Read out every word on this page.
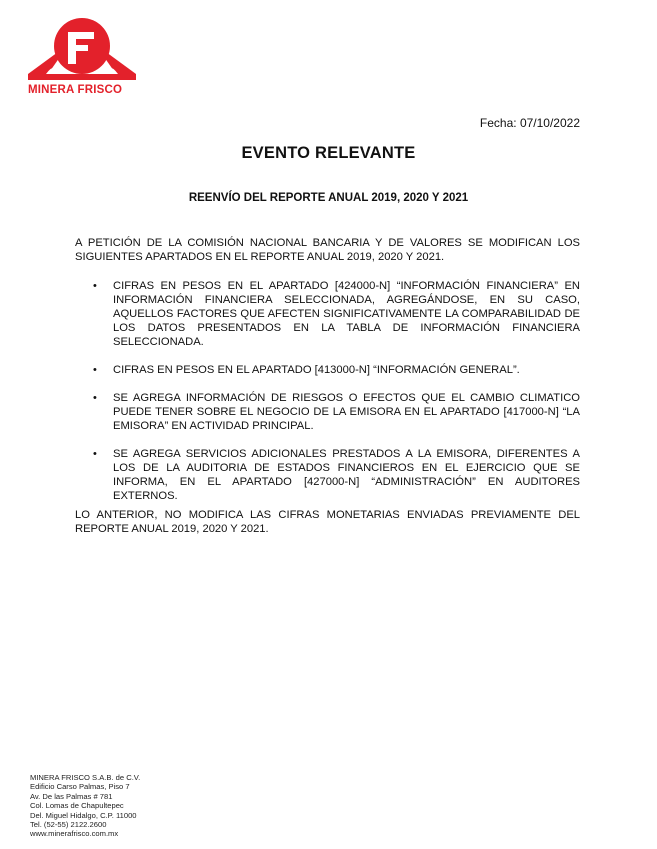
MINERA FRISCO
Fecha: 07/10/2022
EVENTO RELEVANTE
REENVÍO DEL REPORTE ANUAL 2019, 2020 Y 2021
A PETICIÓN DE LA COMISIÓN NACIONAL BANCARIA Y DE VALORES SE MODIFICAN LOS SIGUIENTES APARTADOS EN EL REPORTE ANUAL 2019, 2020 Y 2021.
• CIFRAS EN PESOS EN EL APARTADO [424000-N] “INFORMACIÓN FINANCIERA” EN INFORMACIÓN FINANCIERA SELECCIONADA, AGREGÁNDOSE, EN SU CASO, AQUELLOS FACTORES QUE AFECTEN SIGNIFICATIVAMENTE LA COMPARABILIDAD DE LOS DATOS PRESENTADOS EN LA TABLA DE INFORMACIÓN FINANCIERA SELECCIONADA.
• CIFRAS EN PESOS EN EL APARTADO [413000-N] “INFORMACIÓN GENERAL”.
• SE AGREGA INFORMACIÓN DE RIESGOS O EFECTOS QUE EL CAMBIO CLIMATICO PUEDE TENER SOBRE EL NEGOCIO DE LA EMISORA EN EL APARTADO [417000-N] “LA EMISORA” EN ACTIVIDAD PRINCIPAL.
• SE AGREGA SERVICIOS ADICIONALES PRESTADOS A LA EMISORA, DIFERENTES A LOS DE LA AUDITORIA DE ESTADOS FINANCIEROS EN EL EJERCICIO QUE SE INFORMA, EN EL APARTADO [427000-N] “ADMINISTRACIÓN” EN AUDITORES EXTERNOS.
LO ANTERIOR, NO MODIFICA LAS CIFRAS MONETARIAS ENVIADAS PREVIAMENTE DEL REPORTE ANUAL 2019, 2020 Y 2021.
MINERA FRISCO S.A.B. de C.V.
Edificio Carso Palmas, Piso 7
Av. De las Palmas # 781
Col. Lomas de Chapultepec
Del. Miguel Hidalgo, C.P. 11000
Tel. (52-55) 2122.2600
www.minerafrisco.com.mx
